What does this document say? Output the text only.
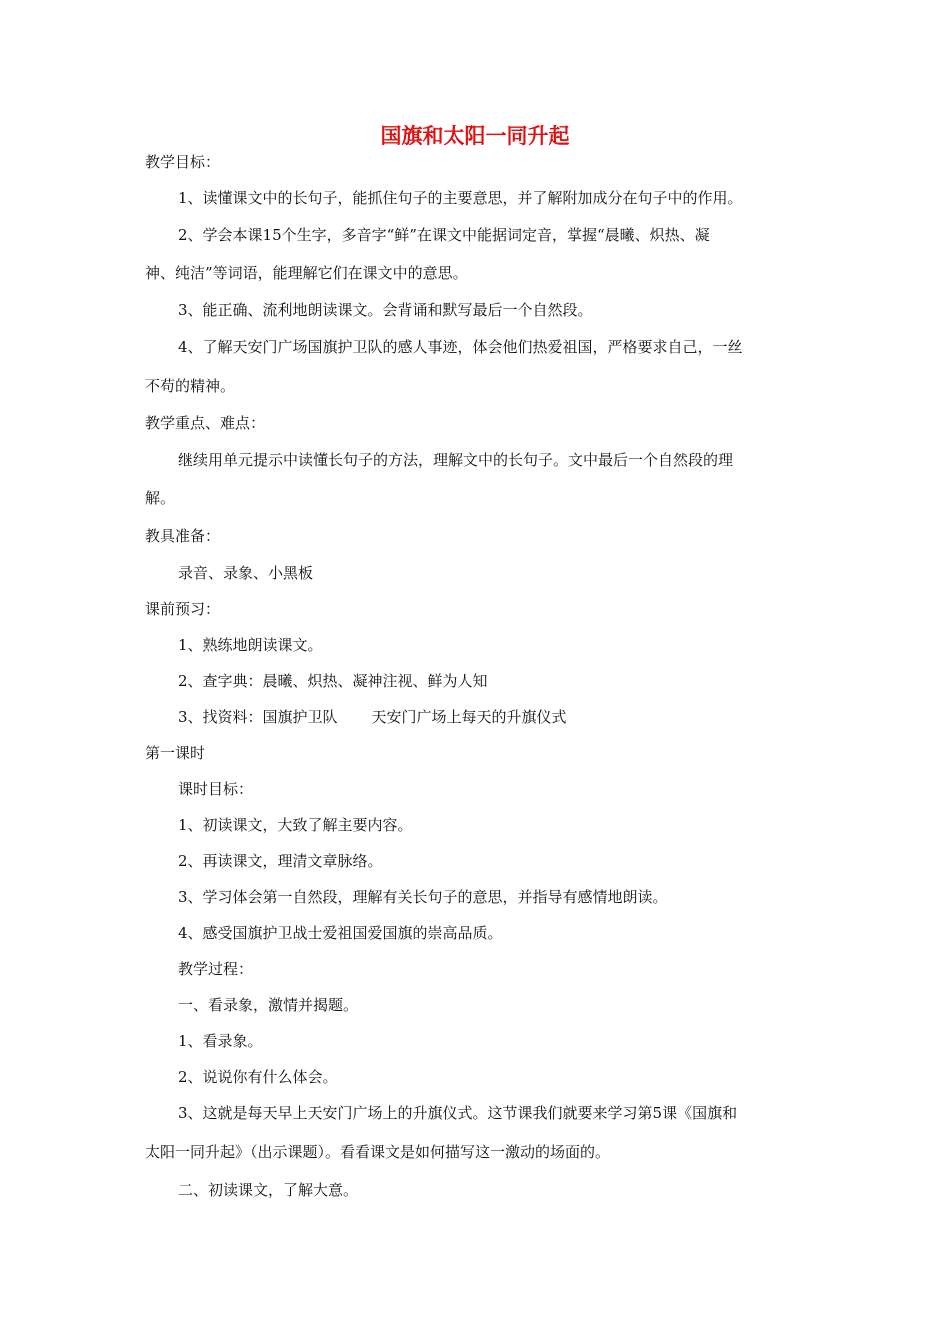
国旗和太阳一同升起
教学目标：
1、读懂课文中的长句子，能抓住句子的主要意思，并了解附加成分在句子中的作用。
2、学会本课15个生字，多音字“鲜”在课文中能据词定音，掌握“晨曦、炽热、凝
神、纯洁”等词语，能理解它们在课文中的意思。
3、能正确、流利地朗读课文。会背诵和默写最后一个自然段。
4、了解天安门广场国旗护卫队的感人事迹，体会他们热爱祖国，严格要求自己，一丝
不苟的精神。
教学重点、难点：
继续用单元提示中读懂长句子的方法，理解文中的长句子。文中最后一个自然段的理
解。
教具准备：
录音、录象、小黑板
课前预习：
1、熟练地朗读课文。
2、查字典：晨曦、炽热、凝神注视、鲜为人知
3、找资料：国旗护卫队 天安门广场上每天的升旗仪式
第一课时
课时目标：
1、初读课文，大致了解主要内容。
2、再读课文，理清文章脉络。
3、学习体会第一自然段，理解有关长句子的意思，并指导有感情地朗读。
4、感受国旗护卫战士爱祖国爱国旗的崇高品质。
教学过程：
一、看录象，激情并揭题。
1、看录象。
2、说说你有什么体会。
3、这就是每天早上天安门广场上的升旗仪式。这节课我们就要来学习第5课《国旗和
太阳一同升起》（出示课题）。看看课文是如何描写这一激动的场面的。
二、初读课文，了解大意。
